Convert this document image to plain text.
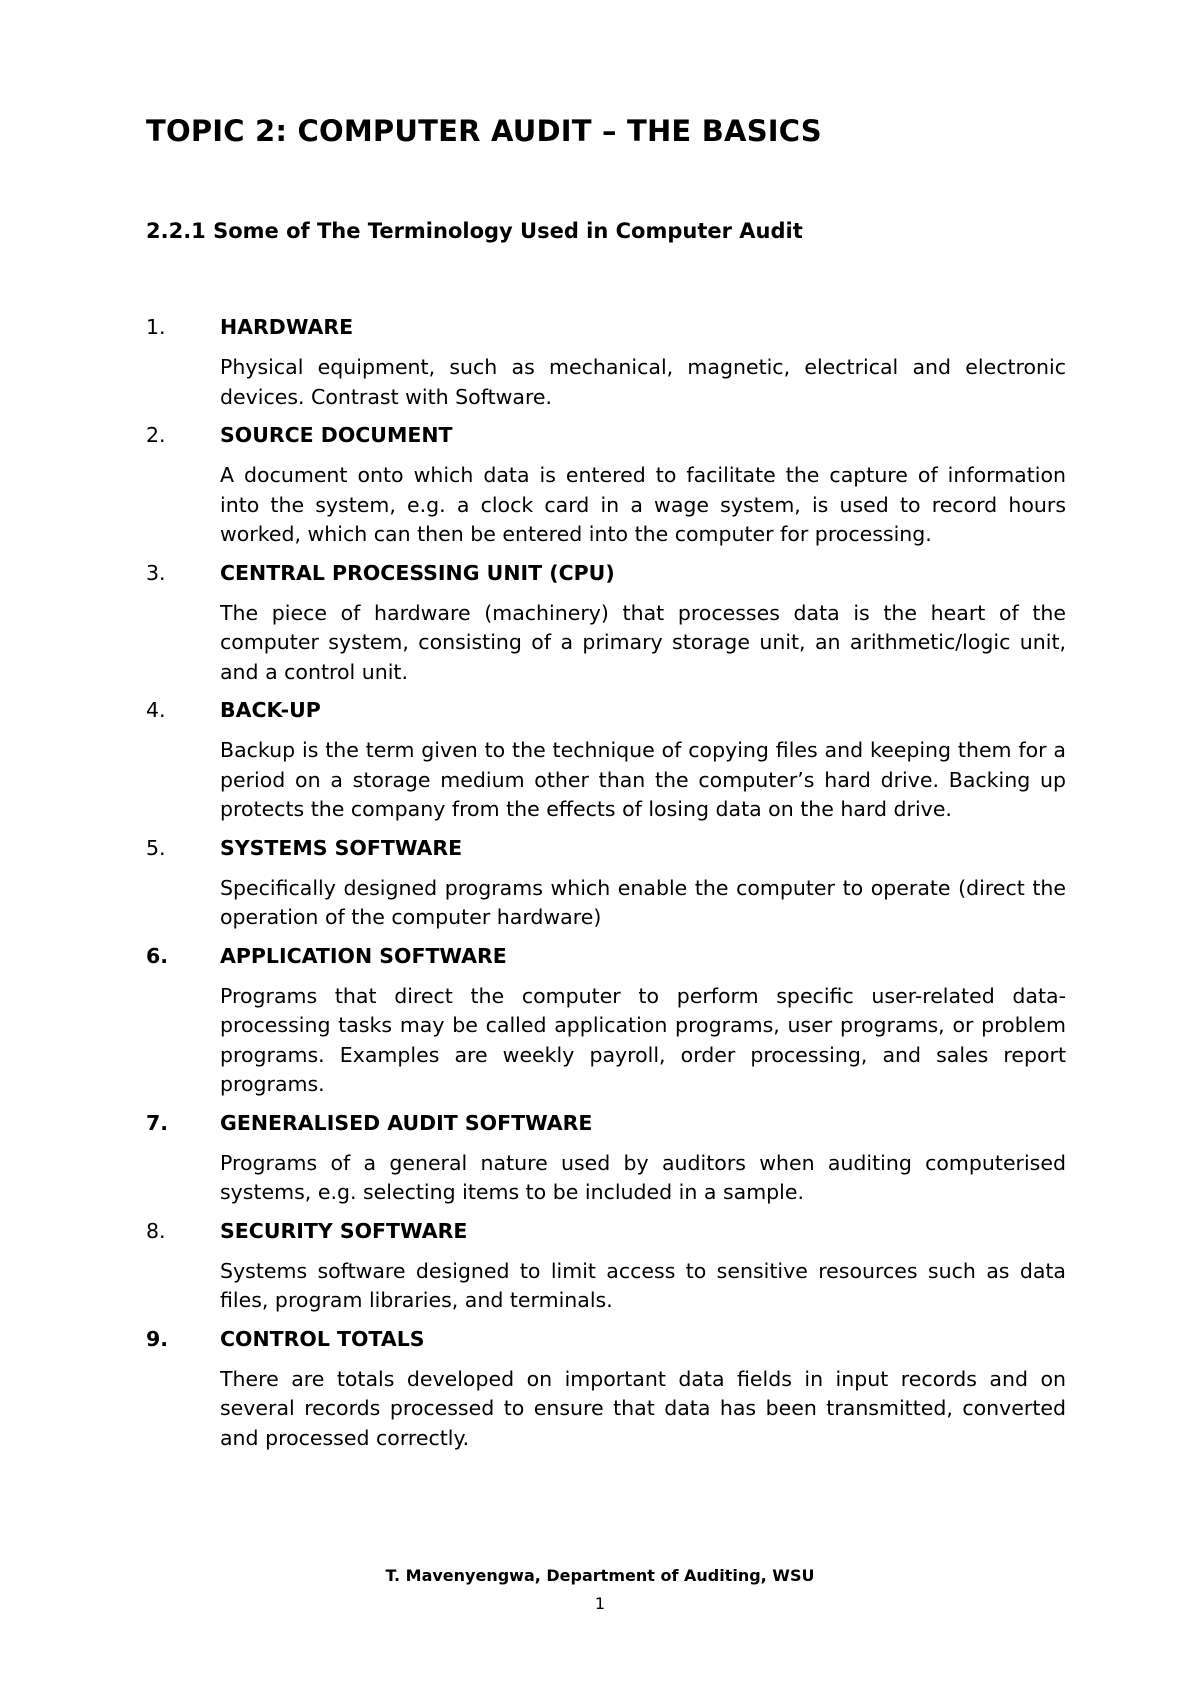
TOPIC 2: COMPUTER AUDIT – THE BASICS
2.2.1 Some of The Terminology Used in Computer Audit
1.	HARDWARE
Physical equipment, such as mechanical, magnetic, electrical and electronic devices. Contrast with Software.
2.	SOURCE DOCUMENT
A document onto which data is entered to facilitate the capture of information into the system, e.g. a clock card in a wage system, is used to record hours worked, which can then be entered into the computer for processing.
3.	CENTRAL PROCESSING UNIT (CPU)
The piece of hardware (machinery) that processes data is the heart of the computer system, consisting of a primary storage unit, an arithmetic/logic unit, and a control unit.
4.	BACK-UP
Backup is the term given to the technique of copying files and keeping them for a period on a storage medium other than the computer’s hard drive. Backing up protects the company from the effects of losing data on the hard drive.
5.	SYSTEMS SOFTWARE
Specifically designed programs which enable the computer to operate (direct the operation of the computer hardware)
6.	APPLICATION SOFTWARE
Programs that direct the computer to perform specific user-related data-processing tasks may be called application programs, user programs, or problem programs. Examples are weekly payroll, order processing, and sales report programs.
7.	GENERALISED AUDIT SOFTWARE
Programs of a general nature used by auditors when auditing computerised systems, e.g. selecting items to be included in a sample.
8.	SECURITY SOFTWARE
Systems software designed to limit access to sensitive resources such as data files, program libraries, and terminals.
9.	CONTROL TOTALS
There are totals developed on important data fields in input records and on several records processed to ensure that data has been transmitted, converted and processed correctly.
T. Mavenyengwa, Department of Auditing, WSU
1
